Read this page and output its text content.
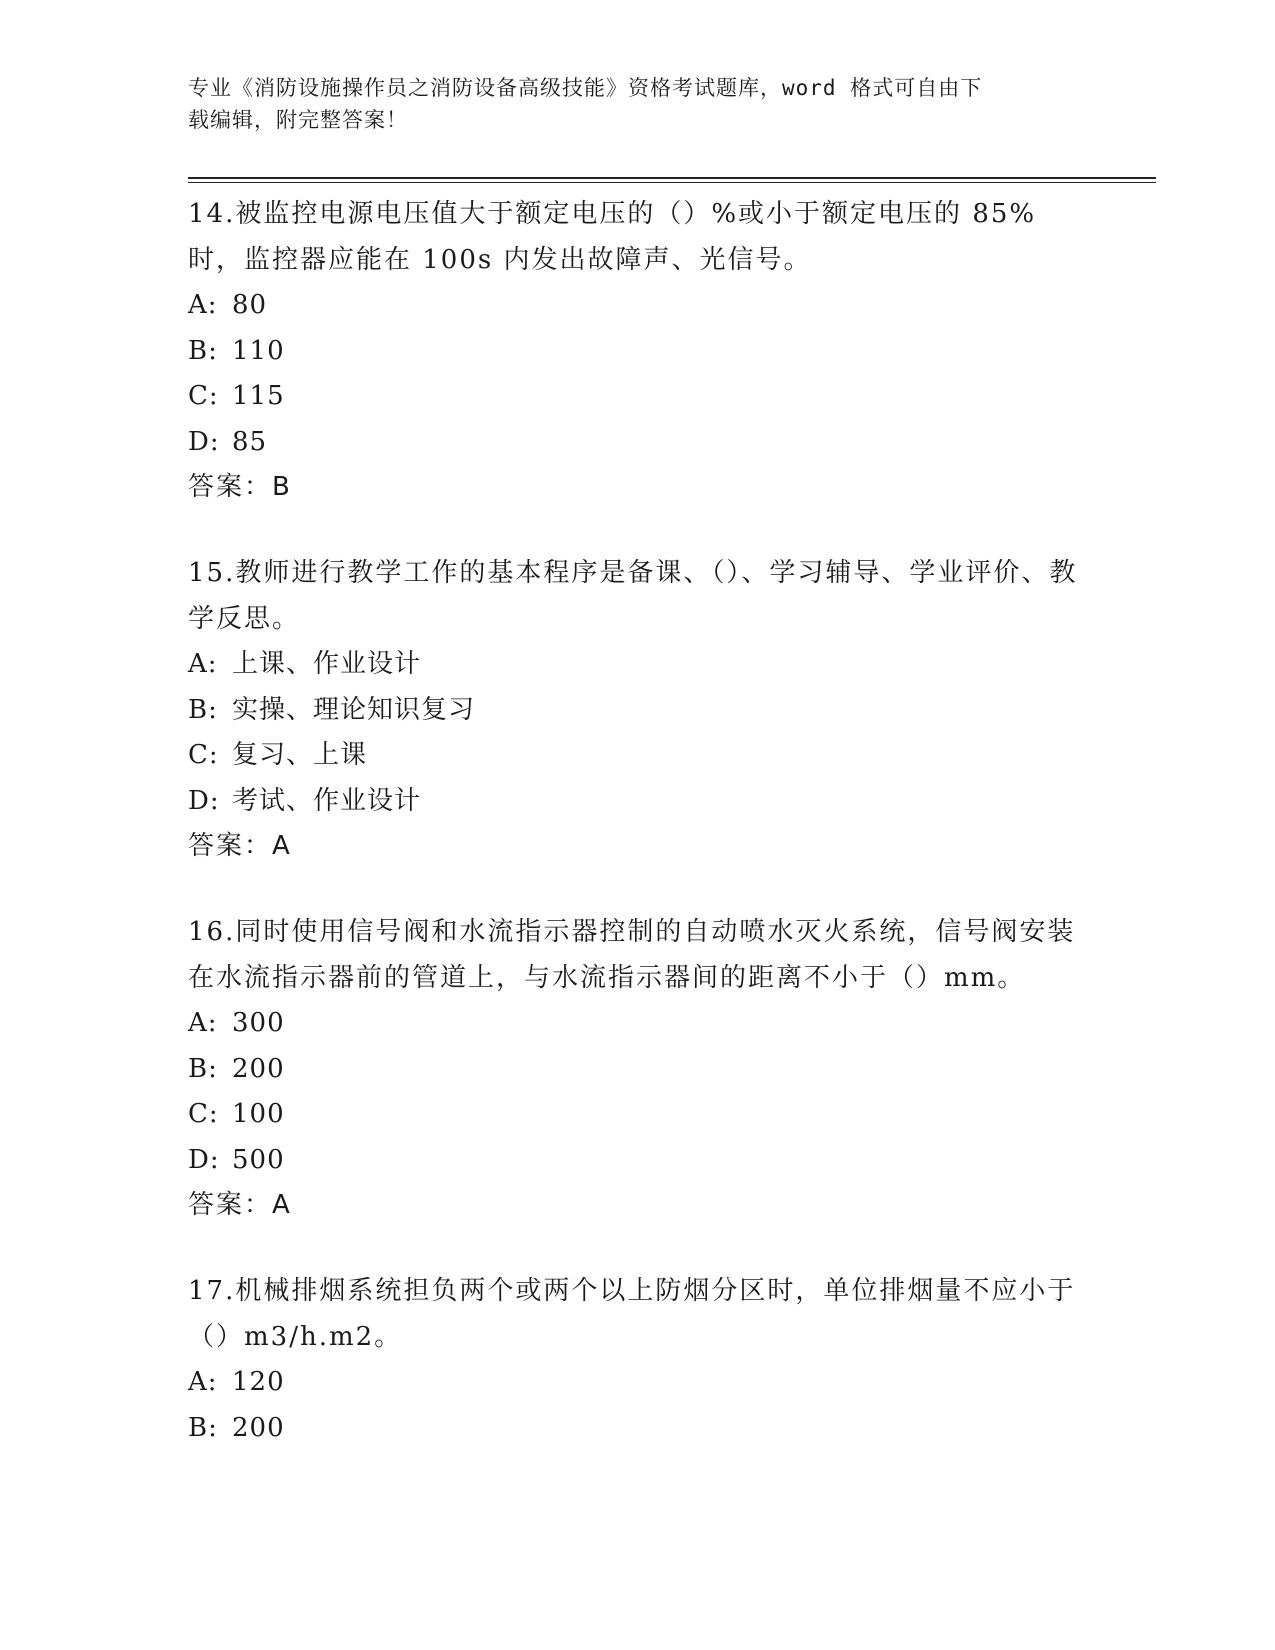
专业《消防设施操作员之消防设备高级技能》资格考试题库，word 格式可自由下
载编辑，附完整答案！

14.被监控电源电压值大于额定电压的（）%或小于额定电压的 85%时，监控器应能在 100s 内发出故障声、光信号。

A: 80

B: 110

C: 115

D: 85

答案：B

15.教师进行教学工作的基本程序是备课、（）、学习辅导、学业评价、教学反思。

A: 上课、作业设计

B: 实操、理论知识复习

C: 复习、上课

D: 考试、作业设计

答案：A

16.同时使用信号阀和水流指示器控制的自动喷水灭火系统，信号阀安装在水流指示器前的管道上，与水流指示器间的距离不小于（）mm。

A: 300

B: 200

C: 100

D: 500

答案：A

17.机械排烟系统担负两个或两个以上防烟分区时，单位排烟量不应小于（）m3/h.m2。

A: 120

B: 200
